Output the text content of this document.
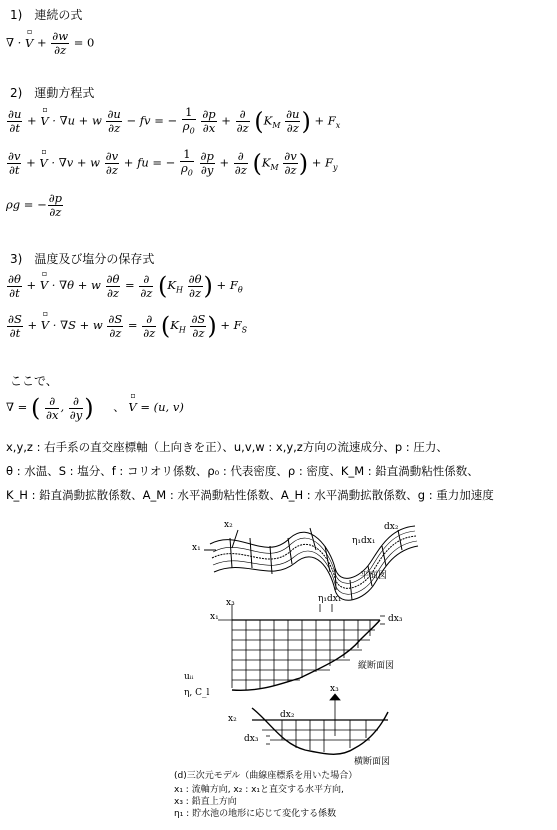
1)　連続の式
∇ · ▫ $V + \frac{\partial w}{\partial z} = 0$
2)　運動方程式
$\frac{\partial u}{\partial t}$ + ▫ V · ∇u + w $\frac{\partial u}{\partial z}$ − fv = − $\frac{1}{\rho_0}$
$\frac{\partial p}{\partial x} + \frac{\partial}{\partial z} (K_M \frac{\partial u}{\partial z}$ ) + $F_x$
$\frac{\partial v}{\partial t}$ + ▫ V · ∇v + w $\frac{\partial v}{\partial z}$ + fu = − $\frac{1}{\rho_0}$
$\frac{\partial p}{\partial y} + \frac{\partial}{\partial z} (K_M \frac{\partial v}{\partial z}$ ) + $F_y$
ρg = − $\frac{\partial p}{\partial z}$
3)　温度及び塩分の保存式
$\frac{\partial\theta}{\partial t}$ + ▫ V · ∇θ + w $\frac{\partial\theta}{\partial z} = \frac{\partial}{\partial z} (K_H \frac{\partial\theta}{\partial z}$ ) + $F_\theta$
$\frac{\partial S}{\partial t}$ + ▫ V · ∇S + w $\frac{\partial S}{\partial z} = \frac{\partial}{\partial z} (K_H \frac{\partial S}{\partial z}$ ) + $F_S$
ここで、
∇ = ( $\frac{\partial}{\partial x}$ , $\frac{\partial}{\partial y}$ ) 、 ▫ V = (u, v)
x,y,z : 右手系の直交座標軸（上向きを正）、u,v,w : x,y,z方向の流速成分、p : 圧力、
θ : 水温、S : 塩分、f : コリオリ係数、ρ₀ : 代表密度、ρ : 密度、K_M : 鉛直渦動粘性係数、
K_H : 鉛直渦動拡散係数、A_M : 水平渦動粘性係数、A_H : 水平渦動拡散係数、g : 重力加速度
x₂
x₁
dx₂
η₁dx₁
平面図
x₃
x₁
η₁dx₁
dx₃
縦断面図
uᵢᵢ
η, C_l	x₃
x₂	dx₂
dx₃
横断面図
(d)三次元モデル（曲線座標系を用いた場合）
x₁ : 流軸方向, x₂ : x₁と直交する水平方向,
x₃ : 鉛直上方向
η₁ : 貯水池の地形に応じて変化する係数
